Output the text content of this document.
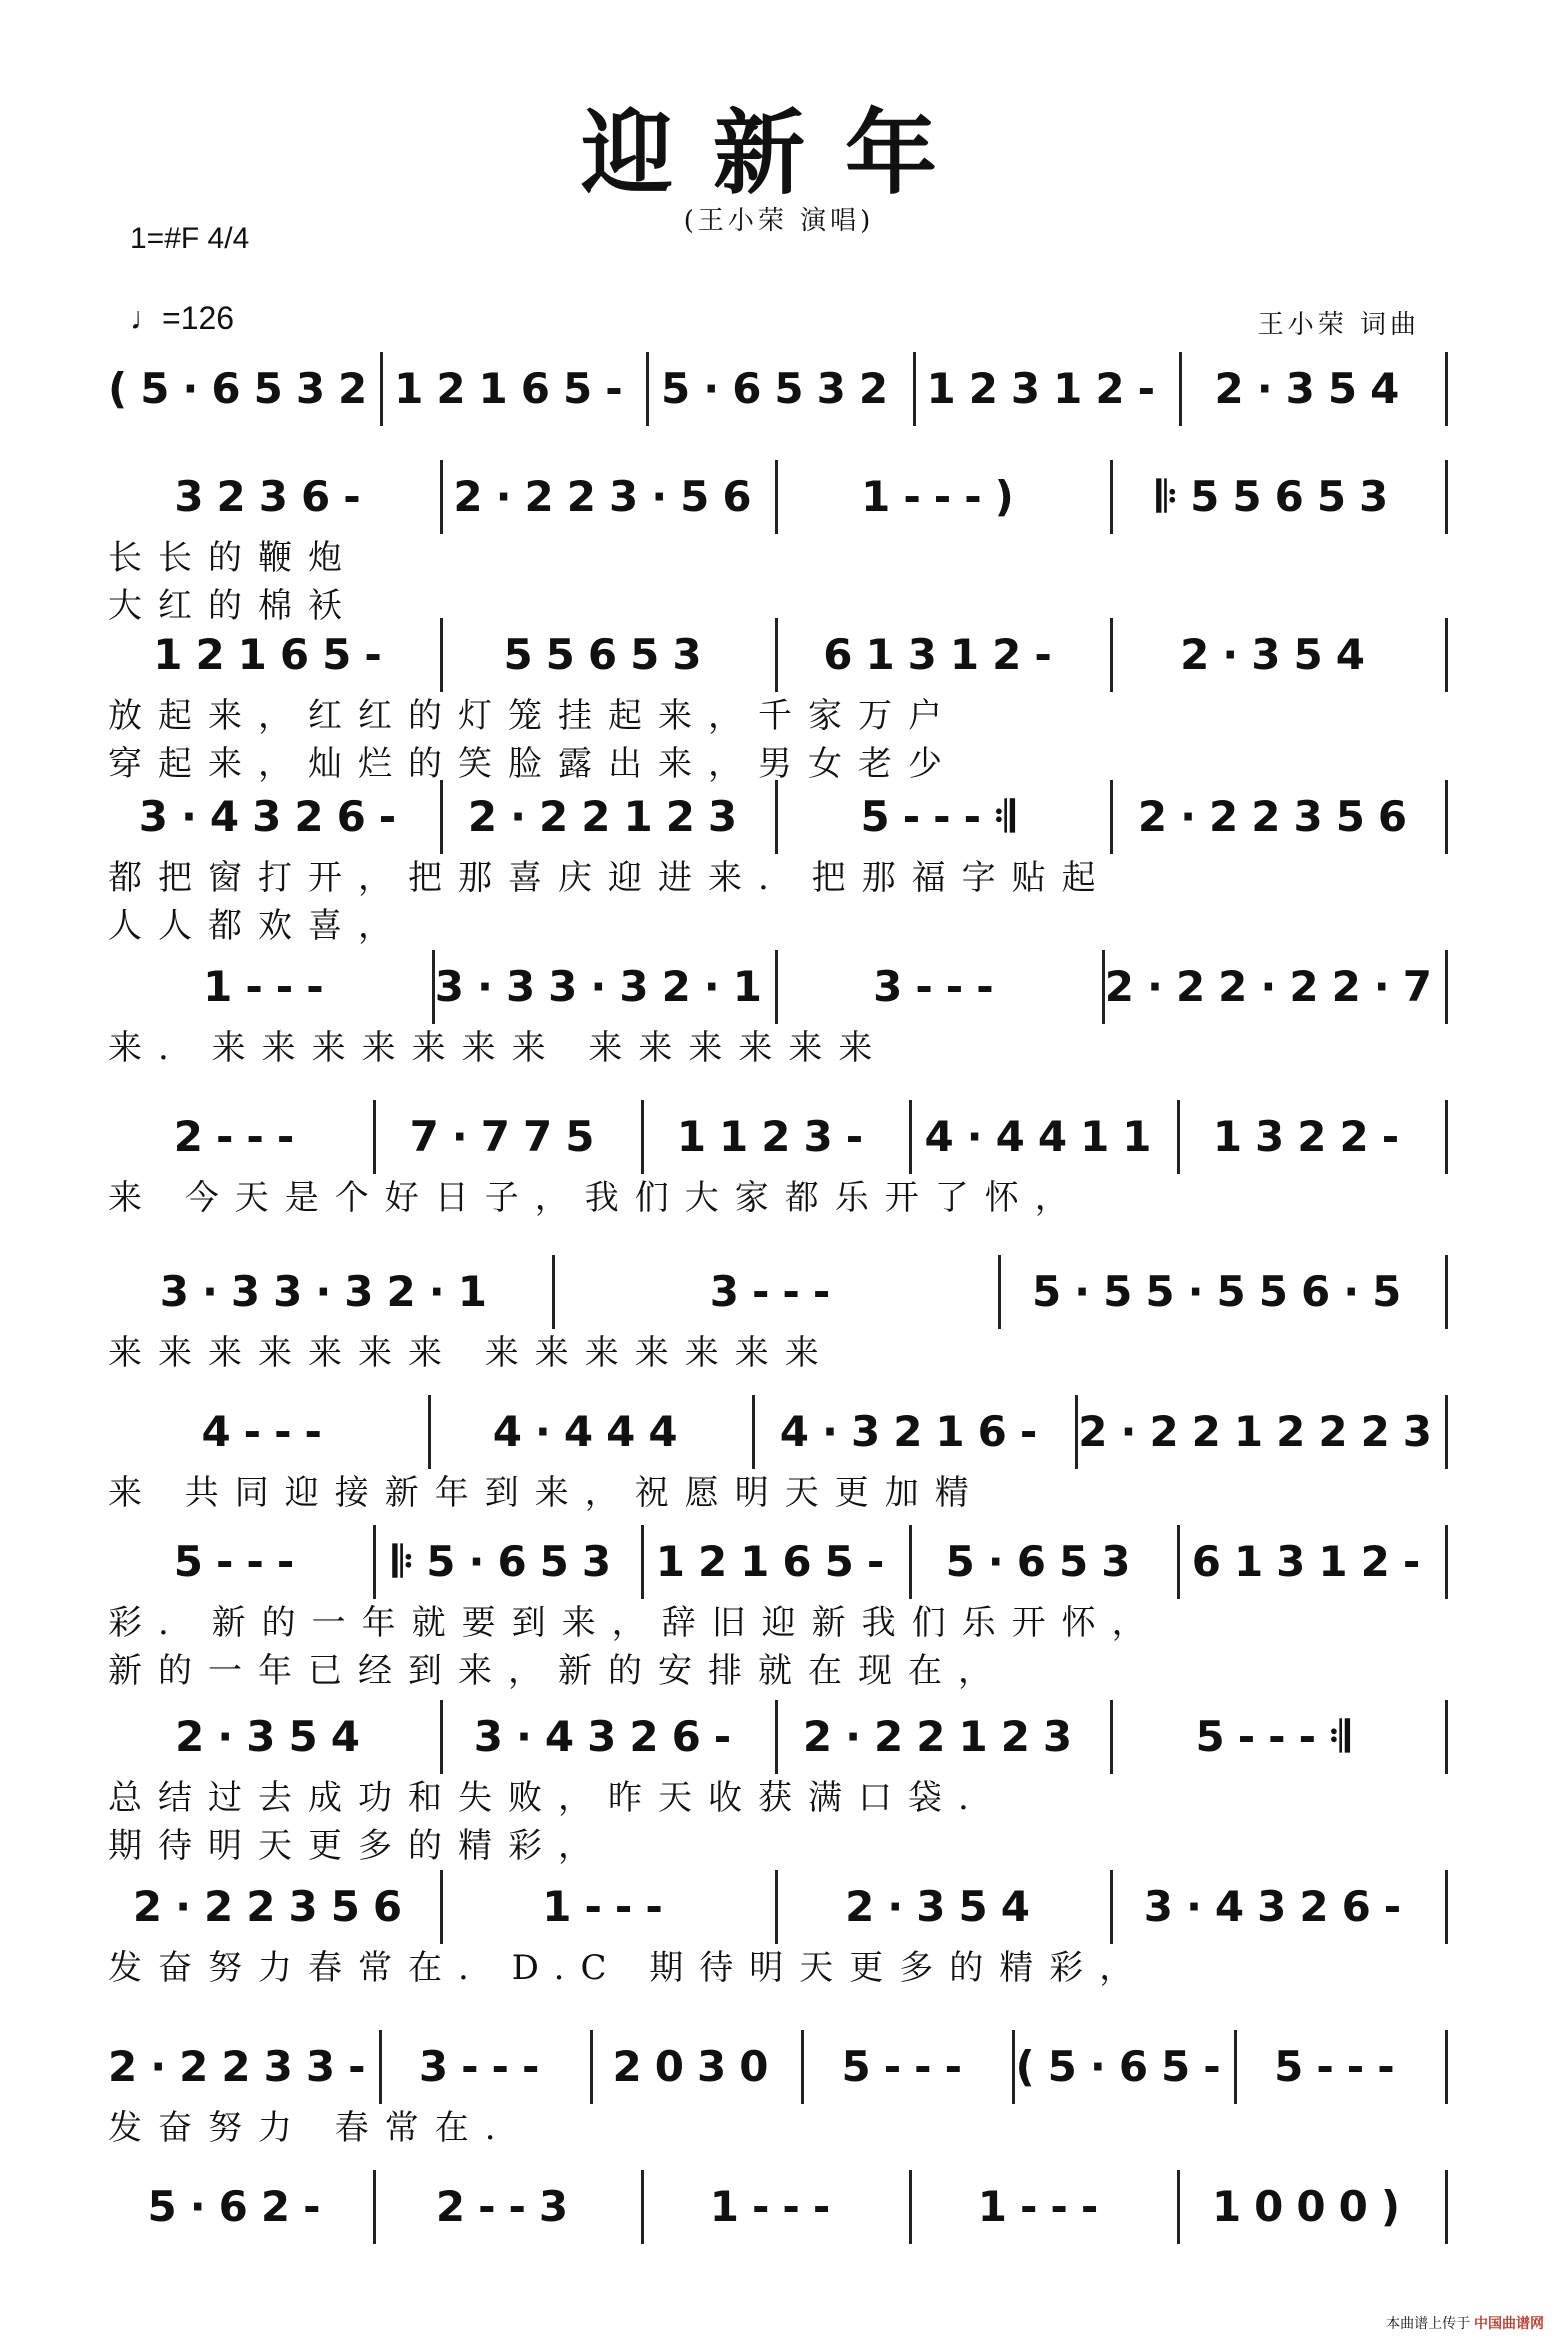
迎新年
(王小荣 演唱)
1=#F 4/4
♩=126	王小荣 词曲
(5·6532 12165- 5·6532 12312-	2·354
3236-	2·223·56	1---)	𝄆55653
长长的鞭炮
大红的棉袄
12165-	55653	61312-	2·354
放起来，红红的灯笼挂起来，千家万户
穿起来，灿烂的笑脸露出来，男女老少
3·4326-	2·22123	5---𝄇	2·22356
都把窗打开，把那喜庆迎进来. 把那福字贴起
人人都欢喜，
1---	3·33·32·1	3---	2·22·22·7
来. 来来来来来来来 来来来来来来
2---	7·775	1123-	4·4411	1322-
来 今天是个好日子，我们大家都乐开了怀，
3·33·32·1	3---	5·55·556·5
来来来来来来来 来来来来来来来
4---	4·444	4·3216- 2·2212223
来 共同迎接新年到来，祝愿明天更加精
5---	𝄆5·653 12165-	5·653	61312-
彩. 新的一年就要到来，辞旧迎新我们乐开怀，
新的一年已经到来，新的安排就在现在，
2·354	3·4326-	2·22123	5---𝄇
总结过去成功和失败，昨天收获满口袋.
期待明天更多的精彩，
2·22356	1---	2·354	3·4326-
发奋努力春常在. D.C 期待明天更多的精彩，
2·2233- 3---	2030	5--- (5·65- 5---
发奋努力 春常在.
5·62-	2--3	1---	1---	1000)
本曲谱上传于 中国曲谱网
